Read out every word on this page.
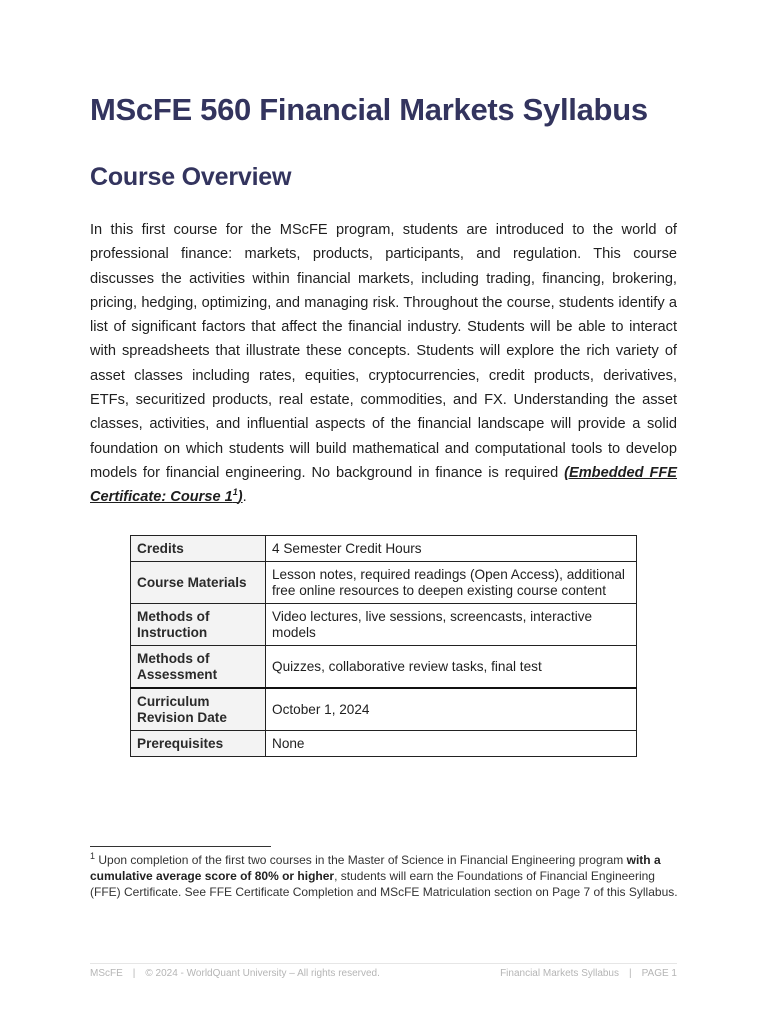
MScFE 560 Financial Markets Syllabus
Course Overview

In this first course for the MScFE program, students are introduced to the world of professional finance: markets, products, participants, and regulation. This course discusses the activities within financial markets, including trading, financing, brokering, pricing, hedging, optimizing, and managing risk. Throughout the course, students identify a list of significant factors that affect the financial industry. Students will be able to interact with spreadsheets that illustrate these concepts. Students will explore the rich variety of asset classes including rates, equities, cryptocurrencies, credit products, derivatives, ETFs, securitized products, real estate, commodities, and FX. Understanding the asset classes, activities, and influential aspects of the financial landscape will provide a solid foundation on which students will build mathematical and computational tools to develop models for financial engineering. No background in finance is required (Embedded FFE Certificate: Course $1^1$).

Credits	4 Semester Credit Hours
Course Materials	Lesson notes, required readings (Open Access), additional free online resources to deepen existing course content
Methods of Instruction	Video lectures, live sessions, screencasts, interactive models
Methods of Assessment	Quizzes, collaborative review tasks, final test
Curriculum Revision Date	October 1, 2024
Prerequisites	None

$^1$ Upon completion of the first two courses in the Master of Science in Financial Engineering program with a cumulative average score of 80% or higher, students will earn the Foundations of Financial Engineering (FFE) Certificate. See FFE Certificate Completion and MScFE Matriculation section on Page 7 of this Syllabus.

MScFE | © 2024 - WorldQuant University – All rights reserved.	Financial Markets Syllabus | PAGE 1
